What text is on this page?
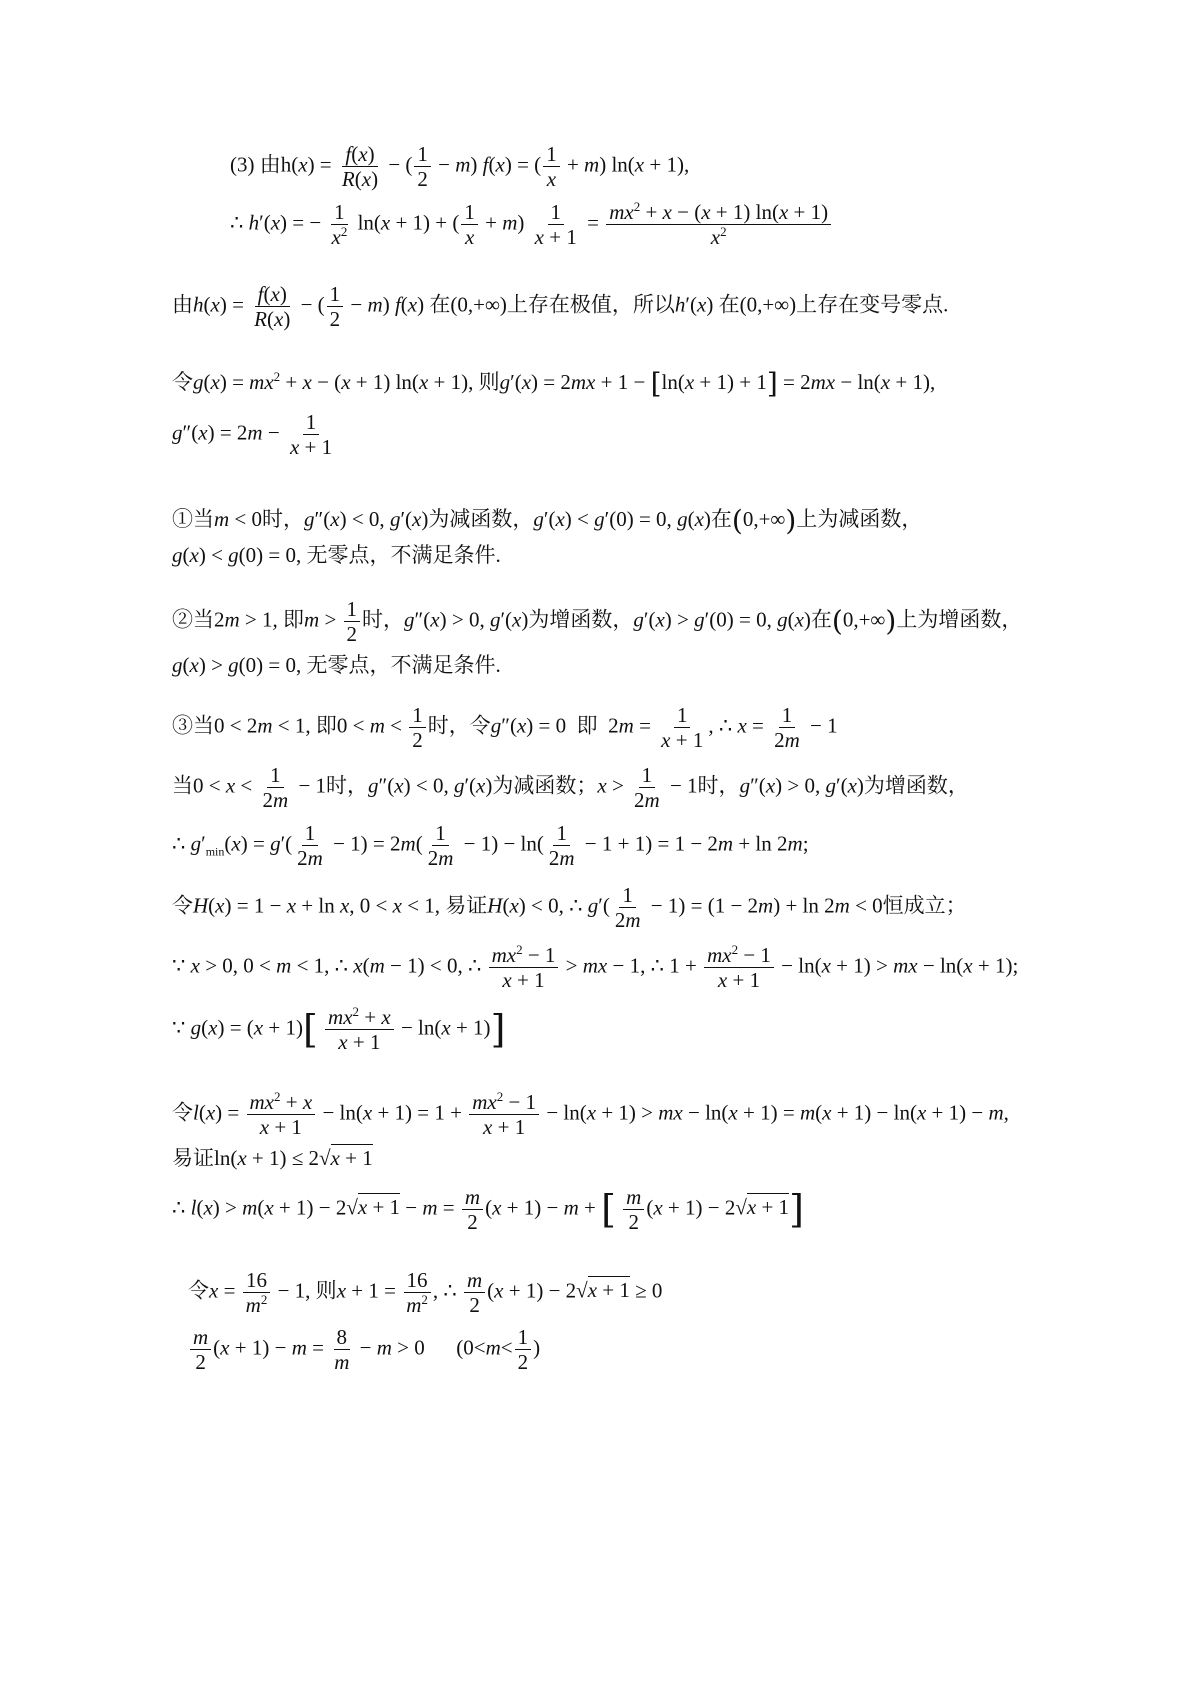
(3) 由$h(x) = \frac{f(x)}{R(x)}$ − ( $\frac{1}{2} - m$) f(x) = ( $\frac{1}{x} + m$) ln(x + 1),
∴ h′(x) = − $\frac{1}{x^2} \ln(x + 1)$ + ( $\frac{1}{x} + m) \frac{1}{x + 1} = \frac{mx^2 + x - (x + 1) \ln(x + 1)}{x^2}$
由$h(x) = \frac{f(x)}{R(x)}$ − ( $\frac{1}{2} - m$) f(x) 在(0,+∞)上存在极值，所以h′(x) 在(0,+∞)上存在变号零点.
令$g(x) = mx^2 + x - (x + 1) \ln(x + 1)$, 则g′(x) = 2mx + 1 − [ln(x + 1) + 1] = 2mx − ln(x + 1),
$g''(x) = 2m - \frac{1}{x + 1}$
①当m < 0时，g″(x) < 0, g′(x)为减函数，g′(x) < g′(0) = 0, g(x)在(0,+∞)上为减函数，
g(x) < g(0) = 0, 无零点，不满足条件.
②当2m > 1, 即$m > \frac{1}{2}$ 时，g″(x) > 0, g′(x)为增函数，g′(x) > g′(0) = 0, g(x)在(0,+∞)上为增函数，
g(x) > g(0) = 0, 无零点，不满足条件.
③当0 < 2m < 1, 即$0 < m < \frac{1}{2}$ 时，令g″(x) = 0  即  $2m = \frac{1}{x + 1}$ , ∴ $x = \frac{1}{2m} - 1$
当$0 < x < \frac{1}{2m} - 1$时，g″(x) < 0, g′(x)为减函数；$x > \frac{1}{2m} - 1$时，g″(x) > 0, g′(x)为增函数，
∴ $g'_{min}(x) = g'( \frac{1}{2m} - 1) = 2m( \frac{1}{2m} - 1) - \ln( \frac{1}{2m} - 1 + 1) = 1 - 2m + \ln 2m$;
令H(x) = 1 − x + ln x, 0 < x < 1, 易证H(x) < 0, ∴ $g'( \frac{1}{2m} - 1) = (1 - 2m) + \ln 2m < 0$恒成立；
∵ x > 0, 0 < m < 1, ∴ x(m − 1) < 0, ∴ $\frac{mx^2 - 1}{x + 1}$ > mx − 1, ∴ $1 + \frac{mx^2 - 1}{x + 1} - \ln(x + 1)$ > mx − ln(x + 1);
∵ $g(x) = (x + 1)[ \frac{mx^2 + x}{x + 1} - \ln(x + 1)]$
令$l(x) = \frac{mx^2 + x}{x + 1} - \ln(x + 1) = 1 + \frac{mx^2 - 1}{x + 1} - \ln(x + 1)$ > mx − ln(x + 1) = m(x + 1) − ln(x + 1) − m,
易证ln(x + 1) ≤ 2√x + 1
∴ $l(x) > m(x + 1) - 2√x + 1 - m = \frac{m}{2} (x + 1) - m$ + [ $\frac{m}{2} (x + 1) - 2√x + 1$]
令$x = \frac{16}{m^2} - 1$, 则$x + 1 = \frac{16}{m^2}$ , ∴ $\frac{m}{2} (x + 1) - 2√x + 1 \ge 0$
$\frac{m}{2} (x + 1) - m = \frac{8}{m} - m > 0$      ($0<m< \frac{1}{2}$ )
